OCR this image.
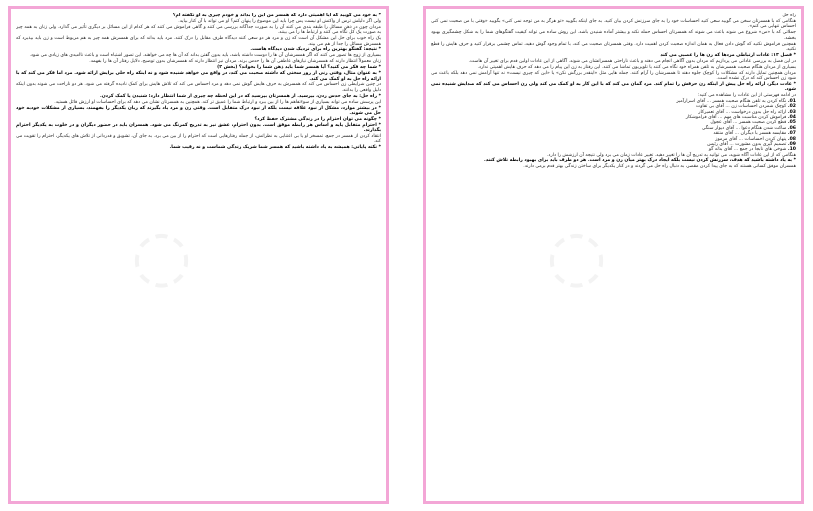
◌

* به خود می گویید که آیا اهمیتی دارد که همسر من این را بداند و خودم چیزی به او نگفته ام؟

ولی اگر دلیلش ترس از واکنش او نیست پس چرا باید این موضوع را پنهان کنم؟ او می تواند با آن کنار بیاید.

مردان چون در ذهن مسائل را طبقه بندی می کنند آن را به صورت جداگانه بررسی می کنند و گاهی فراموش می کنند که هر کدام از این مسائل بر دیگری تأثیر می گذارد. ولی زنان به همه چیز به صورت یک کل نگاه می کنند و ارتباط ها را می بینند.

یک راه خوب برای حل این مشکل آن است که زن و مرد هر دو سعی کنند دیدگاه طرف مقابل را درک کنند. مرد باید بداند که برای همسرش همه چیز به هم مربوط است و زن باید بپذیرد که همسرش مسائل را جدا از هم می بیند.

* نتیجه: گفتگو بهترین راه برای نزدیک شدن دیدگاه هاست.

بسیاری از زوج ها تصور می کنند که اگر همسرشان آن ها را دوست داشته باشد، باید بدون گفتن بداند که آن ها چه می خواهند. این تصور اشتباه است و باعث ناامیدی های زیادی می شود.

زنان معمولاً انتظار دارند که همسرشان نیازهای عاطفی آن ها را حدس بزند. مردان نیز انتظار دارند که همسرشان بدون توضیح، دلایل رفتار آن ها را بفهمد.

* شما چه فکر می کنید؟ آیا همسر شما باید ذهن شما را بخواند؟ (بخش ۲)

* به عنوان مثال، وقتی زنی از روز سختی که داشته صحبت می کند، در واقع می خواهد شنیده شود و نه اینکه راه حلی برایش ارائه شود. مرد اما فکر می کند که با ارائه راه حل به او کمک می کند.

در چنین شرایطی زن احساس می کند که همسرش به حرف هایش گوش نمی دهد و مرد احساس می کند که تلاش هایش برای کمک نادیده گرفته می شود. هر دو ناراحت می شوند بدون اینکه دلیل واقعی را بدانند.

* راه حل: به جای حدس زدن، بپرسید. از همسرتان بپرسید که در این لحظه چه چیزی از شما انتظار دارد؛ شنیدن یا کمک کردن.

این پرسش ساده می تواند بسیاری از سوءتفاهم ها را از بین ببرد و ارتباط شما را عمیق تر کند. همچنین به همسرتان نشان می دهد که برای احساسات او ارزش قائل هستید.

* در بیشتر موارد، مشکل از نبود علاقه نیست بلکه از نبود درک متقابل است. وقتی زن و مرد یاد بگیرند که زبان یکدیگر را بفهمند، بسیاری از مشکلات خودبه خود حل می شوند.

* چگونه می توان احترام را در زندگی مشترک حفظ کرد؟

* احترام متقابل پایه و اساس هر رابطه موفق است. بدون احترام، عشق نیز به تدریج کمرنگ می شود. همسران باید در حضور دیگران و در خلوت به یکدیگر احترام بگذارند.

انتقاد کردن از همسر در جمع، تمسخر او یا بی اعتنایی به نظراتش، از جمله رفتارهایی است که احترام را از بین می برد. به جای آن، تشویق و قدردانی از تلاش های یکدیگر، احترام را تقویت می کند.

* نکته پایانی: همیشه به یاد داشته باشید که همسر شما شریک زندگی شماست و نه رقیب شما.

◌

راه حل

هنگامی که با همسرتان سخن می گویید سعی کنید احساسات خود را به جای سرزنش کردن بیان کنید. به جای اینکه بگویید «تو هرگز به من توجه نمی کنی» بگویید «وقتی با من صحبت نمی کنی احساس تنهایی می کنم».

جملاتی که با «من» شروع می شوند باعث می شوند که همسرتان احساس حمله نکند و بیشتر آماده شنیدن باشد. این روش ساده می تواند کیفیت گفتگوهای شما را به شکل چشمگیری بهبود بخشد.

همچنین فراموش نکنید که گوش دادن فعال به همان اندازه صحبت کردن اهمیت دارد. وقتی همسرتان صحبت می کند، با تمام وجود گوش دهید، تماس چشمی برقرار کنید و حرف هایش را قطع نکنید.

* فصل ۱۳: عادات ارتباطی مردها که زن ها را عصبی می کند

در این فصل به بررسی عاداتی می پردازیم که مردان بدون آگاهی انجام می دهند و باعث ناراحتی همسرانشان می شوند. آگاهی از این عادات اولین قدم برای تغییر آن هاست.

بسیاری از مردان هنگام صحبت همسرشان به تلفن همراه خود نگاه می کنند یا تلویزیون تماشا می کنند. این رفتار به زن این پیام را می دهد که حرف هایش اهمیتی ندارد.

مردان همچنین تمایل دارند که مشکلات را کوچک جلوه دهند تا همسرشان را آرام کنند. جمله هایی مثل «اینقدر بزرگش نکن» یا «این که چیزی نیست» نه تنها آرامش نمی دهد بلکه باعث می شود زن احساس کند که درک نشده است.

* عادت دیگر، ارائه راه حل پیش از اینکه زن حرفش را تمام کند. مرد گمان می کند که با این کار به او کمک می کند ولی زن احساس می کند که صدایش شنیده نمی شود.

در ادامه فهرستی از این عادات را مشاهده می کنید:

01. نگاه کردن به تلفن هنگام صحبت همسر ... آقای اسرارآمیز
02. کوچک شمردن احساسات زن ... آقای بی تفاوت
03. ارائه راه حل بدون درخواست ... آقای تعمیرکار
04. فراموش کردن مناسبت های مهم ... آقای فراموشکار
05. قطع کردن صحبت همسر ... آقای عجول
06. ساکت شدن هنگام دعوا ... آقای دیوار سنگی
07. مقایسه همسر با دیگران ... آقای منتقد
08. پنهان کردن احساسات ... آقای مرموز
09. تصمیم گیری بدون مشورت ... آقای رئیس
10. شوخی های نابجا در جمع ... آقای بذله گو

هنگامی که از این عادات آگاه شوید، می توانید به تدریج آن ها را تغییر دهید. تغییر عادات زمان می برد ولی نتیجه آن ارزشش را دارد.

* به یاد داشته باشید که هدف، سرزنش کردن نیست بلکه ایجاد درک بهتر میان زن و مرد است. هر دو طرف باید برای بهبود رابطه تلاش کنند.

همسران موفق کسانی هستند که به جای پیدا کردن مقصر، به دنبال راه حل می گردند و در کنار یکدیگر برای ساختن زندگی بهتر قدم برمی دارند.
